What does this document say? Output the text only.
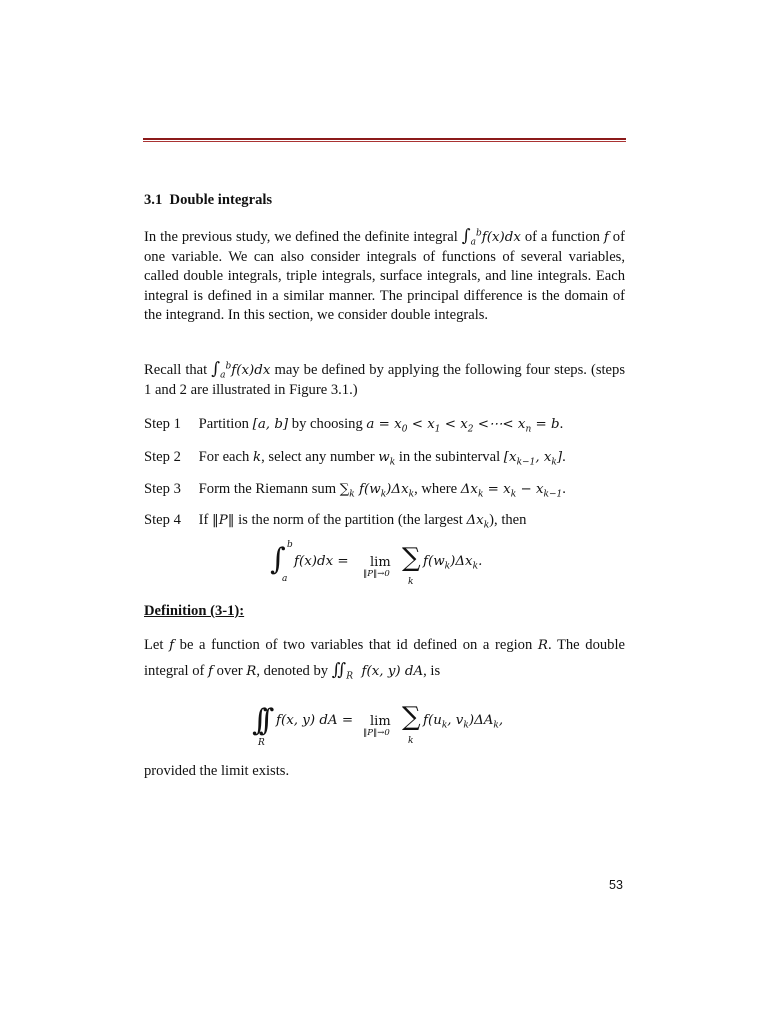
3.1 Double integrals
In the previous study, we defined the definite integral $\int_a^bf(x)dx$ of a function f of one variable. We can also consider integrals of functions of several variables, called double integrals, triple integrals, surface integrals, and line integrals. Each integral is defined in a similar manner. The principal difference is the domain of the integrand. In this section, we consider double integrals.
Recall that $\int_a^bf(x)dx$ may be defined by applying the following four steps. (steps 1 and 2 are illustrated in Figure 3.1.)
Step 1 Partition [a, b] by choosing $a = x_0 < x_1 < x_2$ <⋯< $x_n = b$.
Step 2 For each k, select any number $w_k$ in the subinterval [$x_{k-1}$, $x_k$].
Step 3 Form the Riemann sum $\sum_k$ $f(w_k)\Delta x_k$, where $\Delta x_k = x_k - x_{k-1}$.
Step 4 If ‖P‖ is the norm of the partition (the largest $\Delta x_k$), then
∫ b
a
f(x)dx = lim
‖P‖→0
∑
k
$f(w_k)\Delta x_k$.
Definition (3-1):
Let f be a function of two variables that id defined on a region R. The double integral of f over R, denoted by $∬_R$  f(x, y) dA, is
∫∫
R
f(x, y) dA = lim
‖P‖→0
∑
k
$f(u_k$, $v_k)\Delta A_k$,
provided the limit exists.
53
